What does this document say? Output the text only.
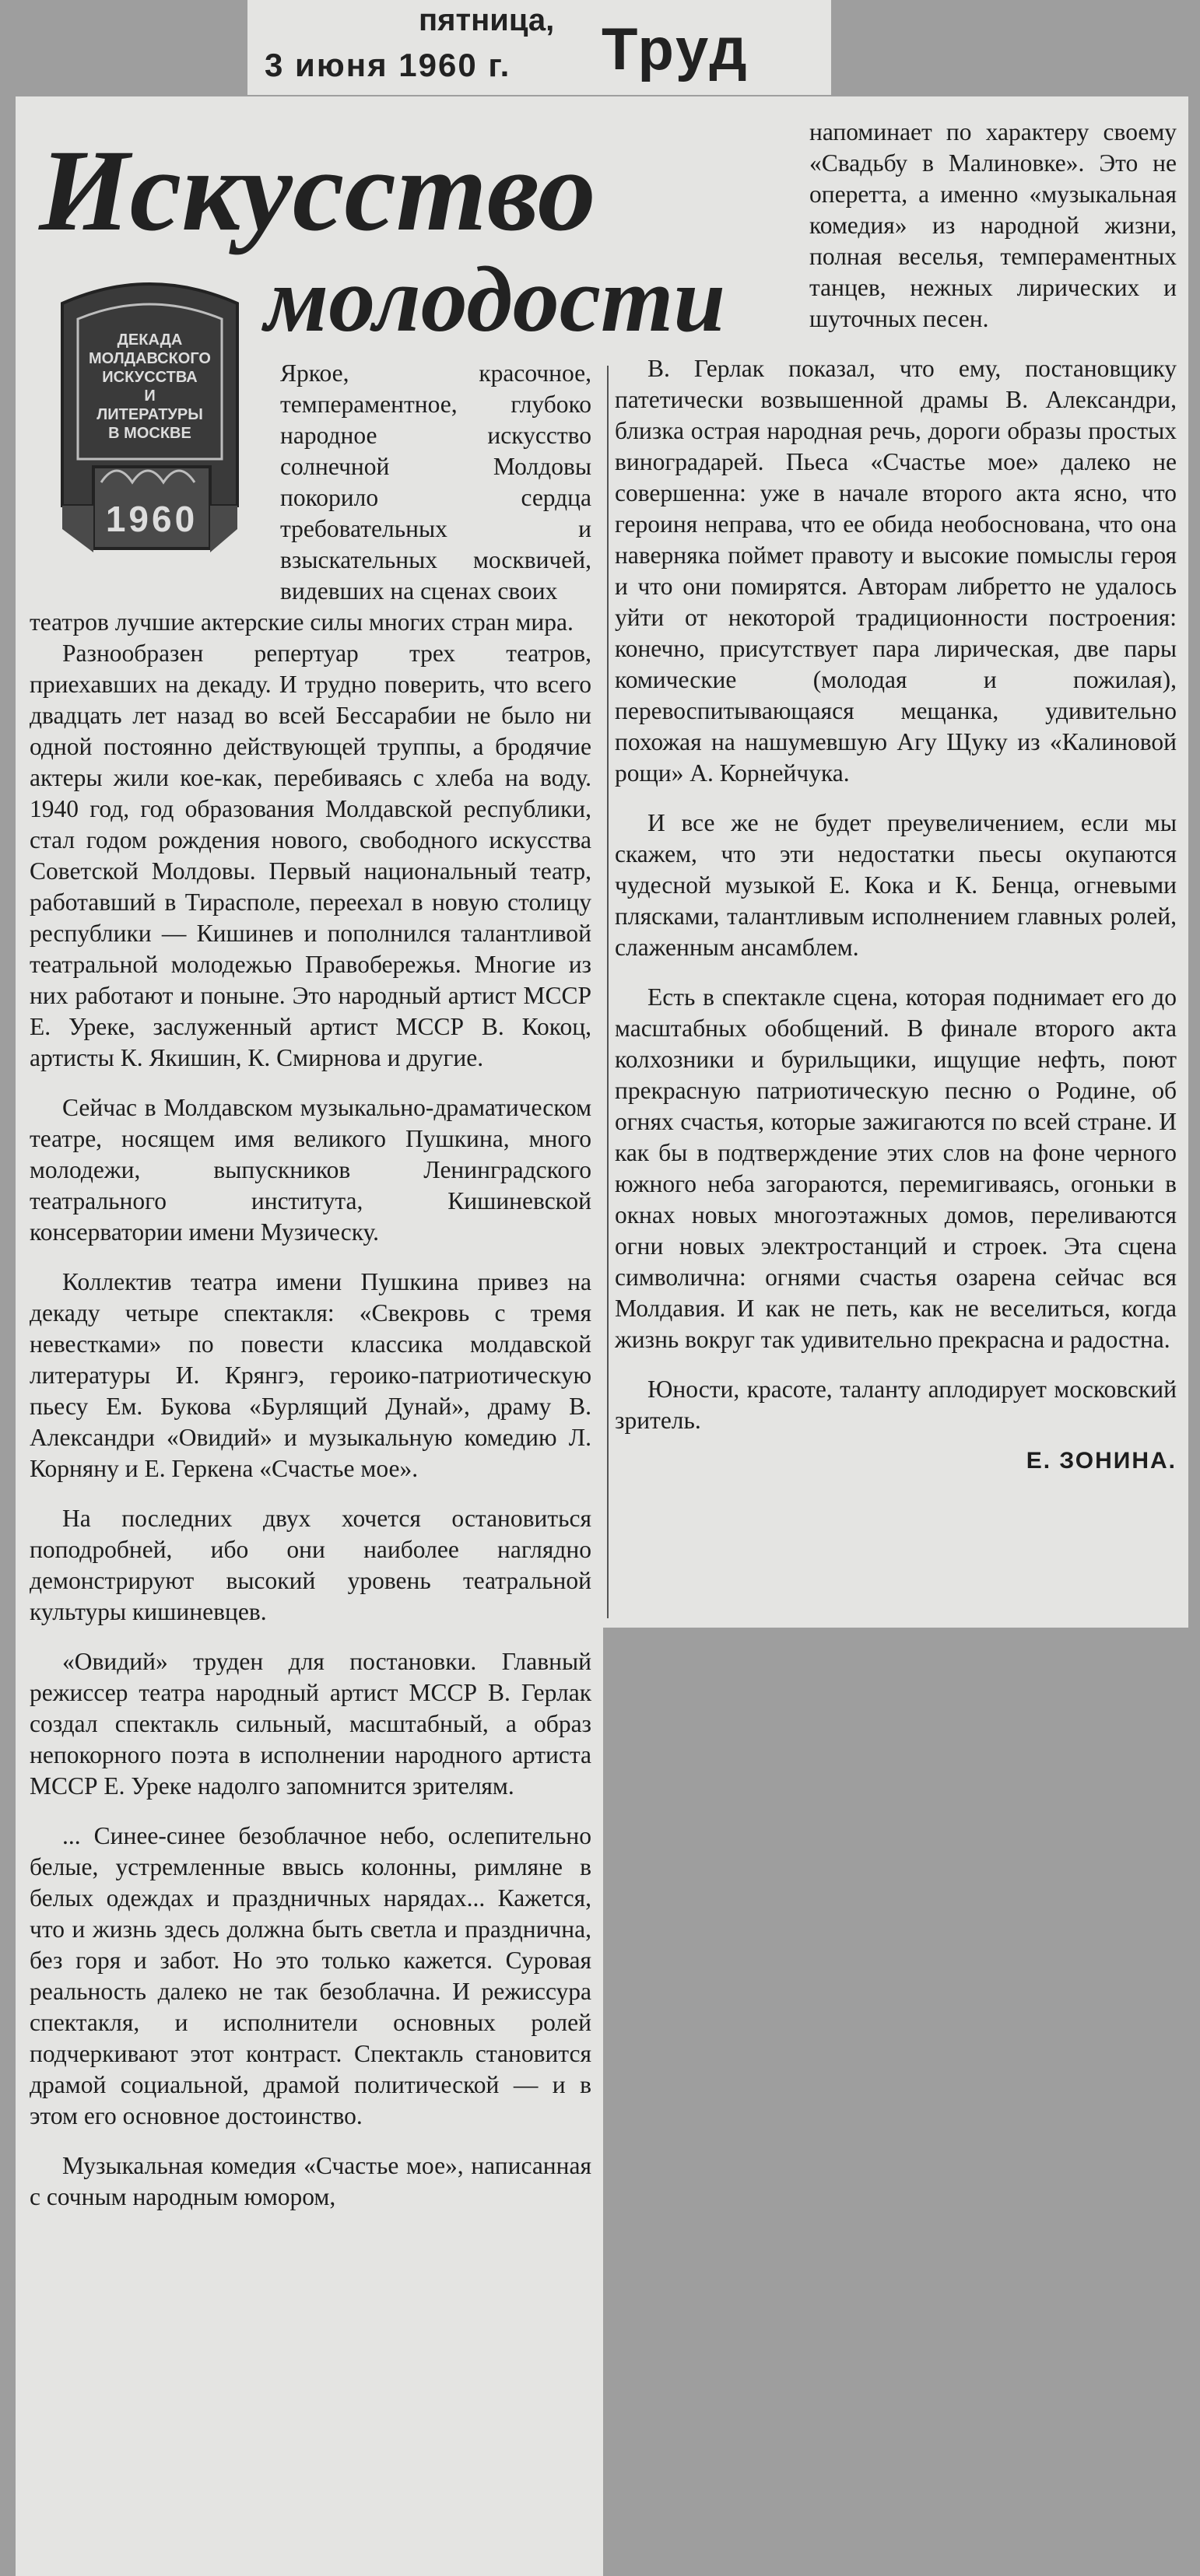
пятница,
3 июня 1960 г. Труд
Искусство
молодости
ДЕКАДА
МОЛДАВСКОГО
ИСКУССТВА
И
ЛИТЕРАТУРЫ
В МОСКВЕ
1960
Яркое, красочное, темпераментное, глубоко народное искусство солнечной Молдовы покорило сердца требовательных и взыскательных москвичей, видевших на сценах своих

театров лучшие актерские силы многих стран мира.

Разнообразен репертуар трех театров, приехавших на декаду. И трудно поверить, что всего двадцать лет назад во всей Бессарабии не было ни одной постоянно действующей труппы, а бродячие актеры жили кое-как, перебиваясь с хлеба на воду. 1940 год, год образования Молдавской республики, стал годом рождения нового, свободного искусства Советской Молдовы. Первый национальный театр, работавший в Тирасполе, переехал в новую столицу республики — Кишинев и пополнился талантливой театральной молодежью Правобережья. Многие из них работают и поныне. Это народный артист МССР Е. Уреке, заслуженный артист МССР В. Кокоц, артисты К. Якишин, К. Смирнова и другие.

Сейчас в Молдавском музыкально-драматическом театре, носящем имя великого Пушкина, много молодежи, выпускников Ленинградского театрального института, Кишиневской консерватории имени Музическу.

Коллектив театра имени Пушкина привез на декаду четыре спектакля: «Свекровь с тремя невестками» по повести классика молдавской литературы И. Крянгэ, героико-патриотическую пьесу Ем. Букова «Бурлящий Дунай», драму В. Александри «Овидий» и музыкальную комедию Л. Корняну и Е. Геркена «Счастье мое».

На последних двух хочется остановиться поподробней, ибо они наиболее наглядно демонстрируют высокий уровень театральной культуры кишиневцев.

«Овидий» труден для постановки. Главный режиссер театра народный артист МССР В. Герлак создал спектакль сильный, масштабный, а образ непокорного поэта в исполнении народного артиста МССР Е. Уреке надолго запомнится зрителям.

... Синее-синее безоблачное небо, ослепительно белые, устремленные ввысь колонны, римляне в белых одеждах и праздничных нарядах... Кажется, что и жизнь здесь должна быть светла и празднична, без горя и забот. Но это только кажется. Суровая реальность далеко не так безоблачна. И режиссура спектакля, и исполнители основных ролей подчеркивают этот контраст. Спектакль становится драмой социальной, драмой политической — и в этом его основное достоинство.

Музыкальная комедия «Счастье мое», написанная с сочным народным юмором,

напоминает по характеру своему «Свадьбу в Малиновке». Это не оперетта, а именно «музыкальная комедия» из народной жизни, полная веселья, темпераментных танцев, нежных лирических и шуточных песен.

В. Герлак показал, что ему, постановщику патетически возвышенной драмы В. Александри, близка острая народная речь, дороги образы простых виноградарей. Пьеса «Счастье мое» далеко не совершенна: уже в начале второго акта ясно, что героиня неправа, что ее обида необоснована, что она наверняка поймет правоту и высокие помыслы героя и что они помирятся. Авторам либретто не удалось уйти от некоторой традиционности построения: конечно, присутствует пара лирическая, две пары комические (молодая и пожилая), перевоспитывающаяся мещанка, удивительно похожая на нашумевшую Агу Щуку из «Калиновой рощи» А. Корнейчука.

И все же не будет преувеличением, если мы скажем, что эти недостатки пьесы окупаются чудесной музыкой Е. Кока и К. Бенца, огневыми плясками, талантливым исполнением главных ролей, слаженным ансамблем.

Есть в спектакле сцена, которая поднимает его до масштабных обобщений. В финале второго акта колхозники и бурильщики, ищущие нефть, поют прекрасную патриотическую песню о Родине, об огнях счастья, которые зажигаются по всей стране. И как бы в подтверждение этих слов на фоне черного южного неба загораются, перемигиваясь, огоньки в окнах новых многоэтажных домов, переливаются огни новых электростанций и строек. Эта сцена символична: огнями счастья озарена сейчас вся Молдавия. И как не петь, как не веселиться, когда жизнь вокруг так удивительно прекрасна и радостна.

Юности, красоте, таланту аплодирует московский зритель.

Е. ЗОНИНА.
